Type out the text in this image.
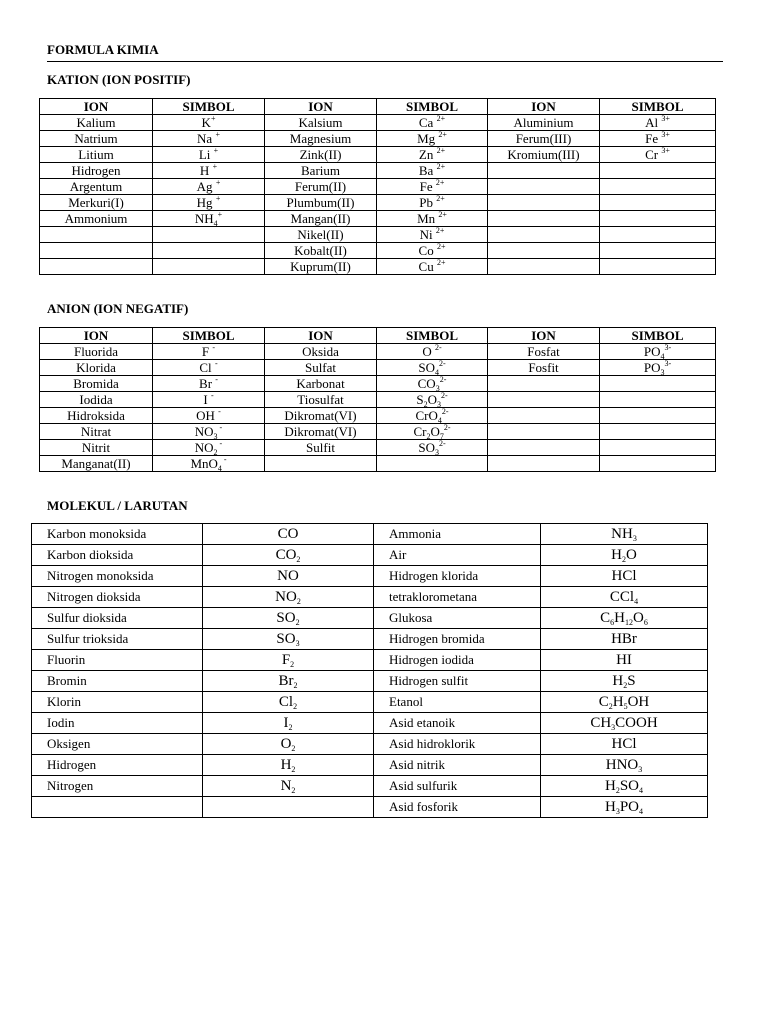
FORMULA KIMIA
KATION (ION POSITIF)
ION	SIMBOL	ION	SIMBOL	ION	SIMBOL
Kalium	K+	Kalsium	Ca $^{2+}$	Aluminium	Al $^{3+}$
Natrium	Na +	Magnesium	Mg $^{2+}$	Ferum(III)	Fe $^{3+}$
Litium	Li +	Zink(II)	Zn $^{2+}$	Kromium(III)	Cr $^{3+}$
Hidrogen	H +	Barium	Ba $^{2+}$		
Argentum	Ag +	Ferum(II)	Fe $^{2+}$		
Merkuri(I)	Hg +	Plumbum(II)	Pb $^{2+}$		
Ammonium	$NH_4^+$	Mangan(II)	Mn $^{2+}$		
		Nikel(II)	Ni $^{2+}$		
		Kobalt(II)	Co $^{2+}$		
		Kuprum(II)	Cu $^{2+}$		
ANION (ION NEGATIF)
ION	SIMBOL	ION	SIMBOL	ION	SIMBOL
Fluorida	F -	Oksida	O $^{2-}$	Fosfat	$PO_4^{3-}$
Klorida	Cl -	Sulfat	$SO_4^{2-}$	Fosfit	$PO_3^{3-}$
Bromida	Br -	Karbonat	$CO_3^{2-}$		
Iodida	I -	Tiosulfat	$S_2O_3^{2-}$		
Hidroksida	OH -	Dikromat(VI)	CrO$_4^{2-}$		
Nitrat	$NO_3$ -	Dikromat(VI)	$Cr_2O_7^{2-}$		
Nitrit	$NO_2$ -	Sulfit	$SO_3^{2-}$		
Manganat(II)	MnO$_4$ -				
MOLEKUL / LARUTAN
Karbon monoksida	CO	Ammonia	$NH_3$
Karbon dioksida	$CO_2$	Air	$H_2O$
Nitrogen monoksida	NO	Hidrogen klorida	HCl
Nitrogen dioksida	$NO_2$	tetraklorometana	CCl$_4$
Sulfur dioksida	$SO_2$	Glukosa	$C_6H_{12}O_6$
Sulfur trioksida	$SO_3$	Hidrogen bromida	HBr
Fluorin	$F_2$	Hidrogen iodida	HI
Bromin	$Br_2$	Hidrogen sulfit	$H_2S$
Klorin	$Cl_2$	Etanol	$C_2H_5OH$
Iodin	$I_2$	Asid etanoik	$CH_3COOH$
Oksigen	$O_2$	Asid hidroklorik	HCl
Hidrogen	$H_2$	Asid nitrik	$HNO_3$
Nitrogen	$N_2$	Asid sulfurik	$H_2SO_4$
		Asid fosforik	$H_3PO_4$
